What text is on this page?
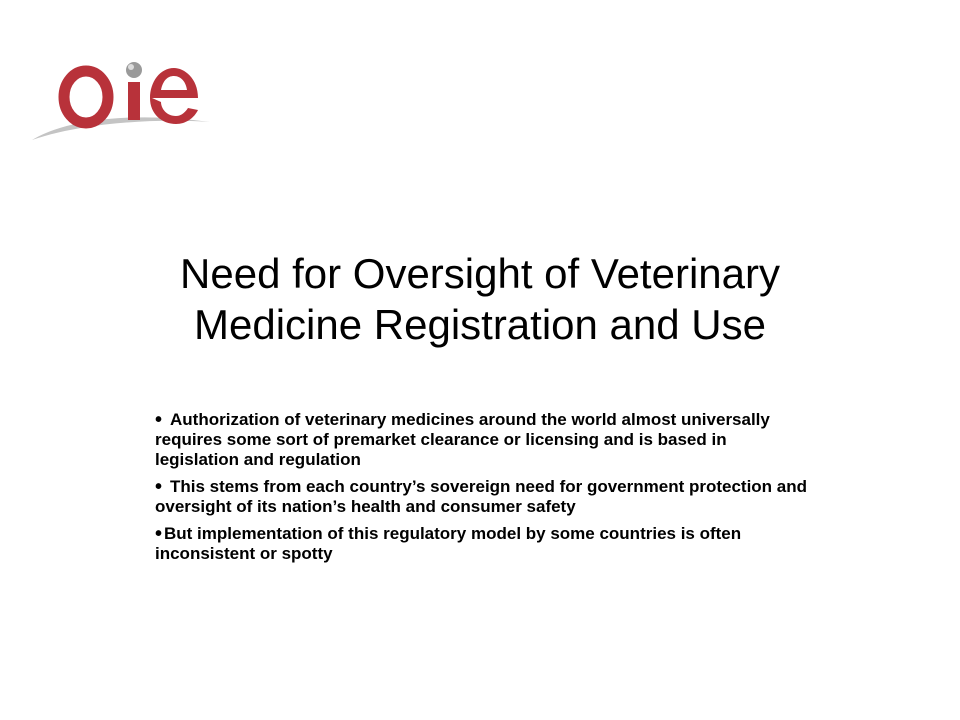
Need for Oversight of Veterinary
Medicine Registration and Use
• Authorization of veterinary medicines around the world almost universally requires some sort of premarket clearance or licensing and is based in legislation and regulation
• This stems from each country’s sovereign need for government protection and oversight of its nation’s health and consumer safety
• But implementation of this regulatory model by some countries is often inconsistent or spotty
